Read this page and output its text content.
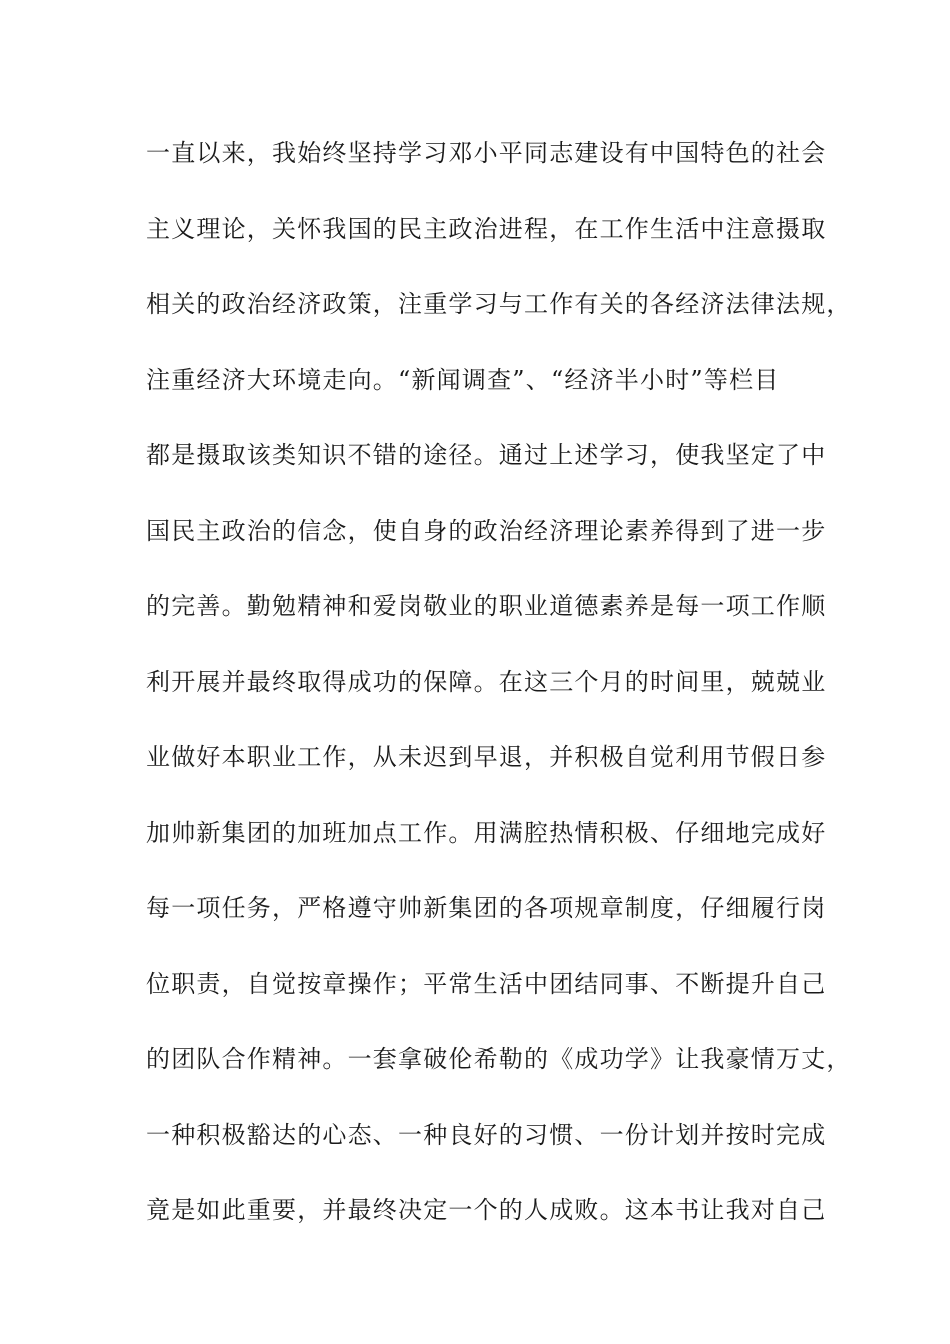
一直以来，我始终坚持学习邓小平同志建设有中国特色的社会
主义理论，关怀我国的民主政治进程，在工作生活中注意摄取
相关的政治经济政策，注重学习与工作有关的各经济法律法规，
注重经济大环境走向。“新闻调查”、“经济半小时”等栏目
都是摄取该类知识不错的途径。通过上述学习，使我坚定了中
国民主政治的信念，使自身的政治经济理论素养得到了进一步
的完善。勤勉精神和爱岗敬业的职业道德素养是每一项工作顺
利开展并最终取得成功的保障。在这三个月的时间里，兢兢业
业做好本职业工作，从未迟到早退，并积极自觉利用节假日参
加帅新集团的加班加点工作。用满腔热情积极、仔细地完成好
每一项任务，严格遵守帅新集团的各项规章制度，仔细履行岗
位职责，自觉按章操作；平常生活中团结同事、不断提升自己
的团队合作精神。一套拿破伦希勒的《成功学》让我豪情万丈，
一种积极豁达的心态、一种良好的习惯、一份计划并按时完成
竟是如此重要，并最终决定一个的人成败。这本书让我对自己
